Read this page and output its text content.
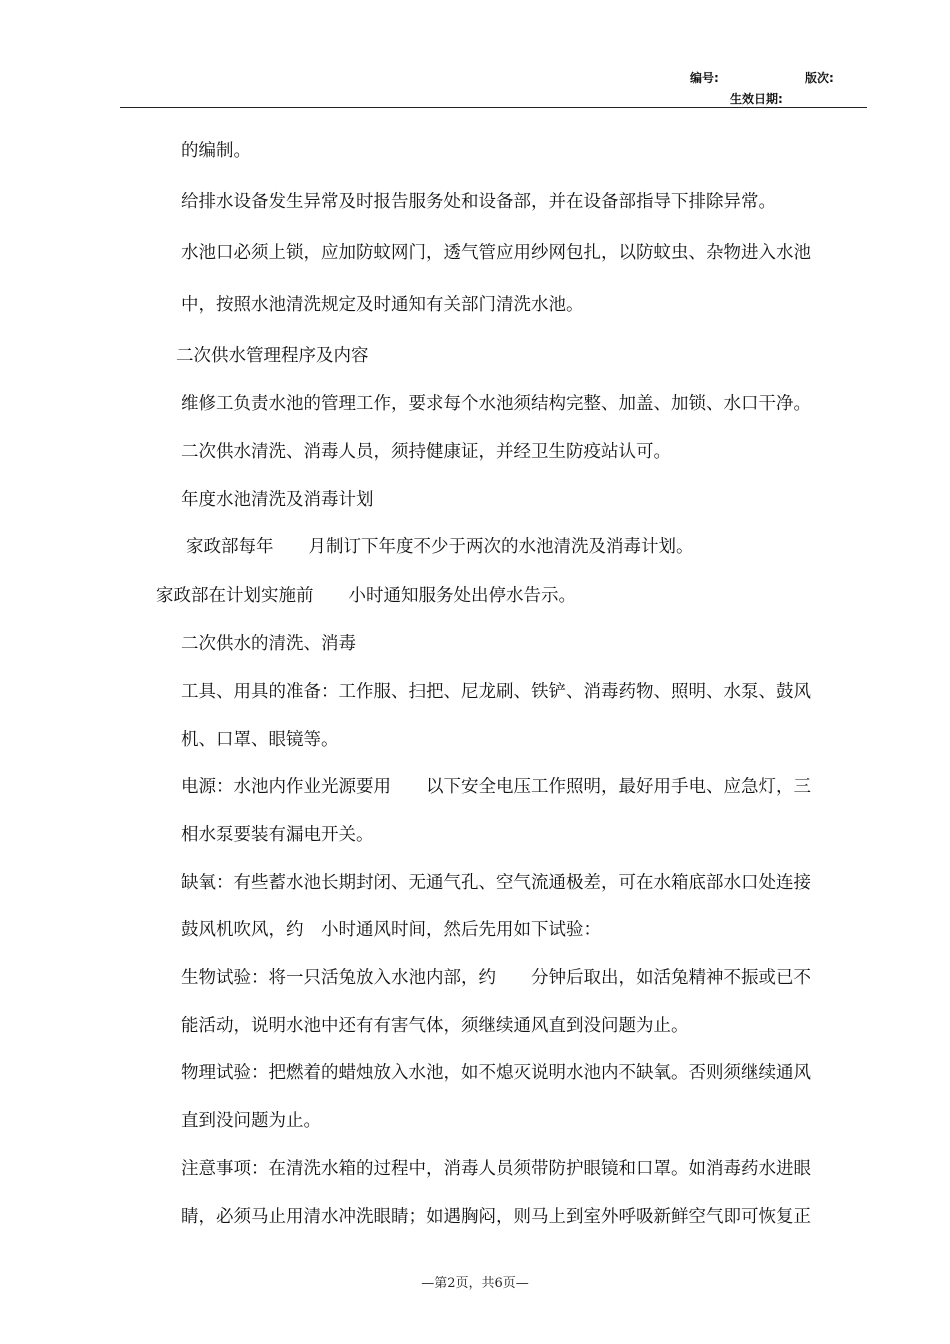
编号:	版次:
生效日期:
的编制。
给排水设备发生异常及时报告服务处和设备部，并在设备部指导下排除异常。
水池口必须上锁，应加防蚊网门，透气管应用纱网包扎，以防蚊虫、杂物进入水池
中，按照水池清洗规定及时通知有关部门清洗水池。
二次供水管理程序及内容
维修工负责水池的管理工作，要求每个水池须结构完整、加盖、加锁、水口干净。
二次供水清洗、消毒人员，须持健康证，并经卫生防疫站认可。
年度水池清洗及消毒计划
家政部每年　　月制订下年度不少于两次的水池清洗及消毒计划。
家政部在计划实施前　　小时通知服务处出停水告示。
二次供水的清洗、消毒
工具、用具的准备：工作服、扫把、尼龙刷、铁铲、消毒药物、照明、水泵、鼓风
机、口罩、眼镜等。
电源：水池内作业光源要用　　以下安全电压工作照明，最好用手电、应急灯，三
相水泵要装有漏电开关。
缺氧：有些蓄水池长期封闭、无通气孔、空气流通极差，可在水箱底部水口处连接
鼓风机吹风，约　小时通风时间，然后先用如下试验：
生物试验：将一只活兔放入水池内部，约　　分钟后取出，如活兔精神不振或已不
能活动，说明水池中还有有害气体，须继续通风直到没问题为止。
物理试验：把燃着的蜡烛放入水池，如不熄灭说明水池内不缺氧。否则须继续通风
直到没问题为止。
注意事项：在清洗水箱的过程中，消毒人员须带防护眼镜和口罩。如消毒药水进眼
睛，必须马止用清水冲洗眼睛；如遇胸闷，则马上到室外呼吸新鲜空气即可恢复正
—第2页，共6页—
